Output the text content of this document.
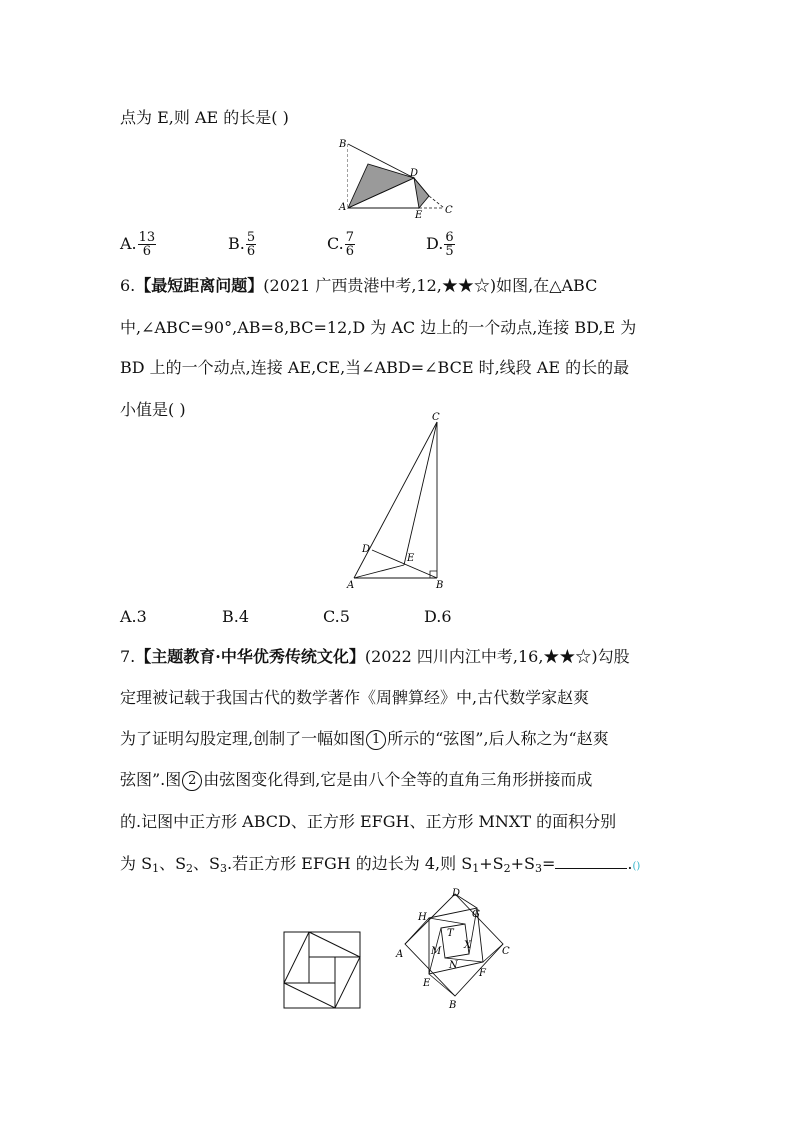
点为 E,则 AE 的长是( )
B
D
A
E C
A. $\frac{13}{6}$	B. $\frac{5}{6}$	C. $\frac{7}{6}$	D. $\frac{6}{5}$
6.【最短距离问题】(2021 广西贵港中考,12,★★☆)如图,在△ABC
中,∠ABC=90°,AB=8,BC=12,D 为 AC 边上的一个动点,连接 BD,E 为
BD 上的一个动点,连接 AE,CE,当∠ABD=∠BCE 时,线段 AE 的长的最
小值是( )	C
D
E
A	B
A.3	B.4	C.5	D.6
7.【主题教育·中华优秀传统文化】(2022 四川内江中考,16,★★☆)勾股
定理被记载于我国古代的数学著作《周髀算经》中,古代数学家赵爽
为了证明勾股定理,创制了一幅如图 1 所示的“弦图”,后人称之为“赵爽
弦图”.图 2 由弦图变化得到,它是由八个全等的直角三角形拼接而成
的.记图中正方形 ABCD、正方形 EFGH、正方形 MNXT 的面积分别
为 $S_1$、$S_2$、$S_3$.若正方形 EFGH 的边长为 4,则 $S_1+S_2+S_3=$	.()
D
H	G
T
A	M
X
C
N
E
F
B
